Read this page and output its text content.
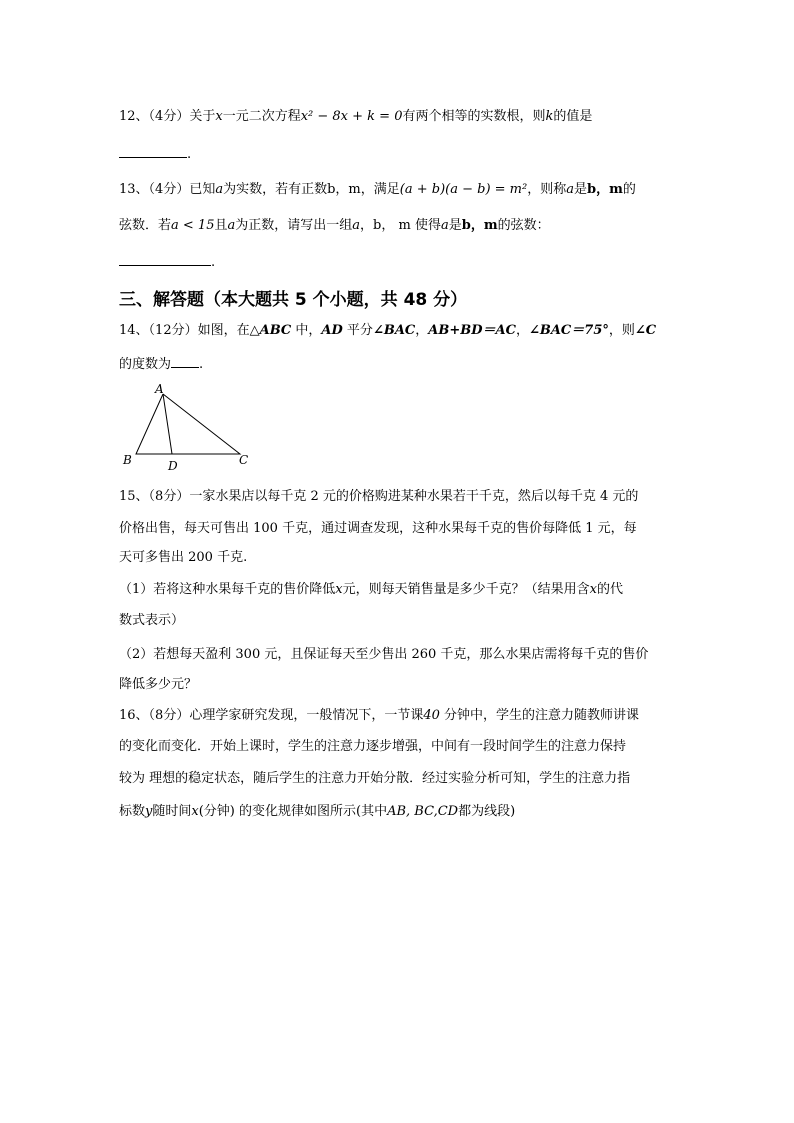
12、（4分）关于x一元二次方程x² − 8x + k = 0有两个相等的实数根，则k的值是
.
13、（4分）已知a为实数，若有正数b，m，满足(a + b)(a − b) = m²，则称a是b，m的
弦数．若a < 15且a为正数，请写出一组a，b， m 使得a是b，m的弦数：
.
三、解答题（本大题共 5 个小题，共 48 分）
14、（12分）如图，在△ABC 中，AD 平分∠BAC，AB+BD＝AC，∠BAC＝75°，则∠C
的度数为 .
A
B	D	C
15、（8分）一家水果店以每千克 2 元的价格购进某种水果若干千克，然后以每千克 4 元的
价格出售，每天可售出 100 千克，通过调查发现，这种水果每千克的售价每降低 1 元，每
天可多售出 200 千克.
（1）若将这种水果每千克的售价降低x元，则每天销售量是多少千克？（结果用含x的代
数式表示）
（2）若想每天盈利 300 元，且保证每天至少售出 260 千克，那么水果店需将每千克的售价
降低多少元？
16、（8分）心理学家研究发现，一般情况下，一节课40 分钟中，学生的注意力随教师讲课
的变化而变化．开始上课时，学生的注意力逐步增强，中间有一段时间学生的注意力保持
较为 理想的稳定状态，随后学生的注意力开始分散．经过实验分析可知，学生的注意力指
标数y随时间x(分钟) 的变化规律如图所示(其中AB, BC,CD都为线段)
